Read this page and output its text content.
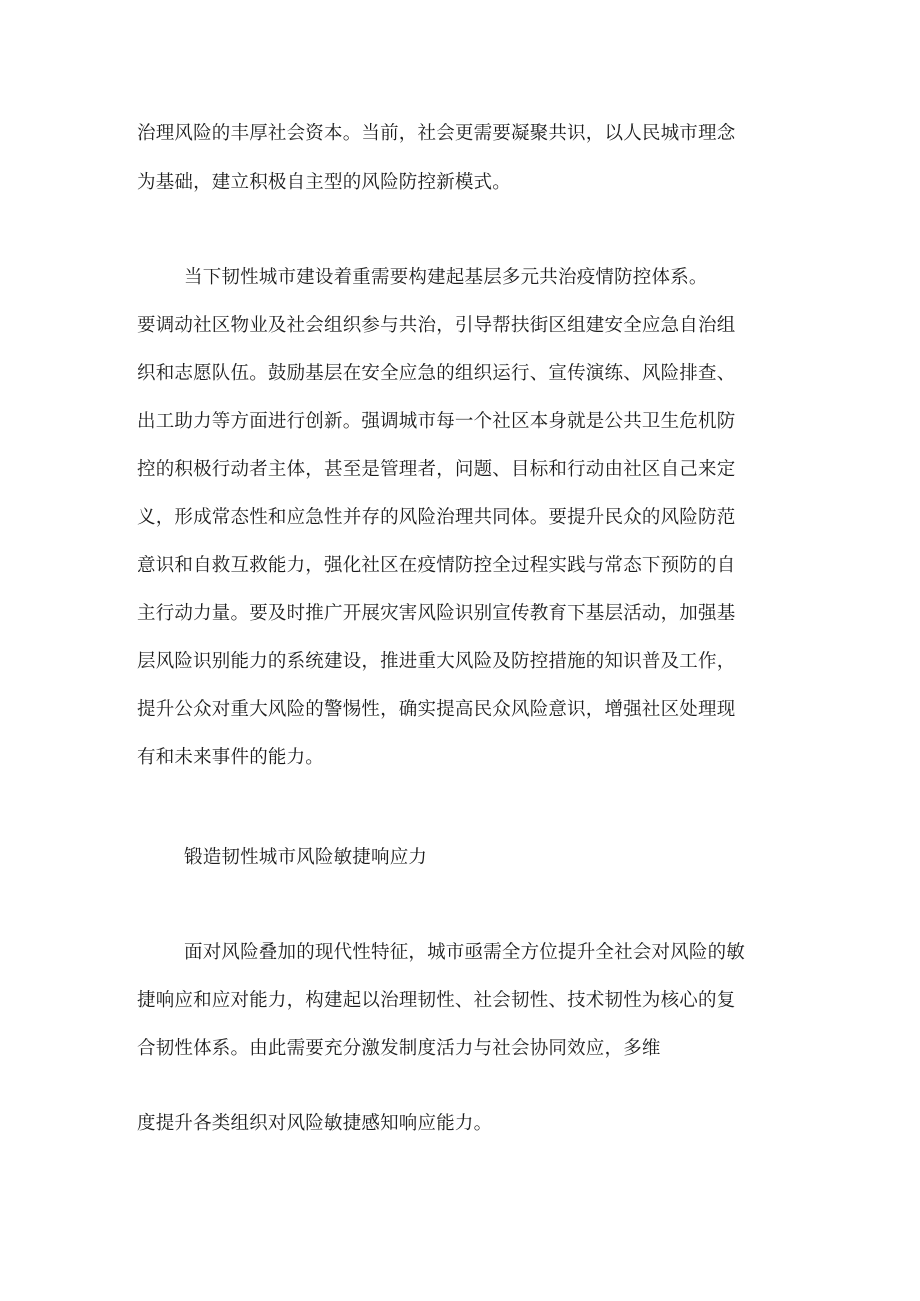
治理风险的丰厚社会资本。当前，社会更需要凝聚共识，以人民城市理念
为基础，建立积极自主型的风险防控新模式。
当下韧性城市建设着重需要构建起基层多元共治疫情防控体系。
要调动社区物业及社会组织参与共治，引导帮扶街区组建安全应急自治组
织和志愿队伍。鼓励基层在安全应急的组织运行、宣传演练、风险排查、
出工助力等方面进行创新。强调城市每一个社区本身就是公共卫生危机防
控的积极行动者主体，甚至是管理者，问题、目标和行动由社区自己来定
义，形成常态性和应急性并存的风险治理共同体。要提升民众的风险防范
意识和自救互救能力，强化社区在疫情防控全过程实践与常态下预防的自
主行动力量。要及时推广开展灾害风险识别宣传教育下基层活动，加强基
层风险识别能力的系统建设，推进重大风险及防控措施的知识普及工作，
提升公众对重大风险的警惕性，确实提高民众风险意识，增强社区处理现
有和未来事件的能力。
锻造韧性城市风险敏捷响应力
面对风险叠加的现代性特征，城市亟需全方位提升全社会对风险的敏
捷响应和应对能力，构建起以治理韧性、社会韧性、技术韧性为核心的复
合韧性体系。由此需要充分激发制度活力与社会协同效应，多维
度提升各类组织对风险敏捷感知响应能力。
